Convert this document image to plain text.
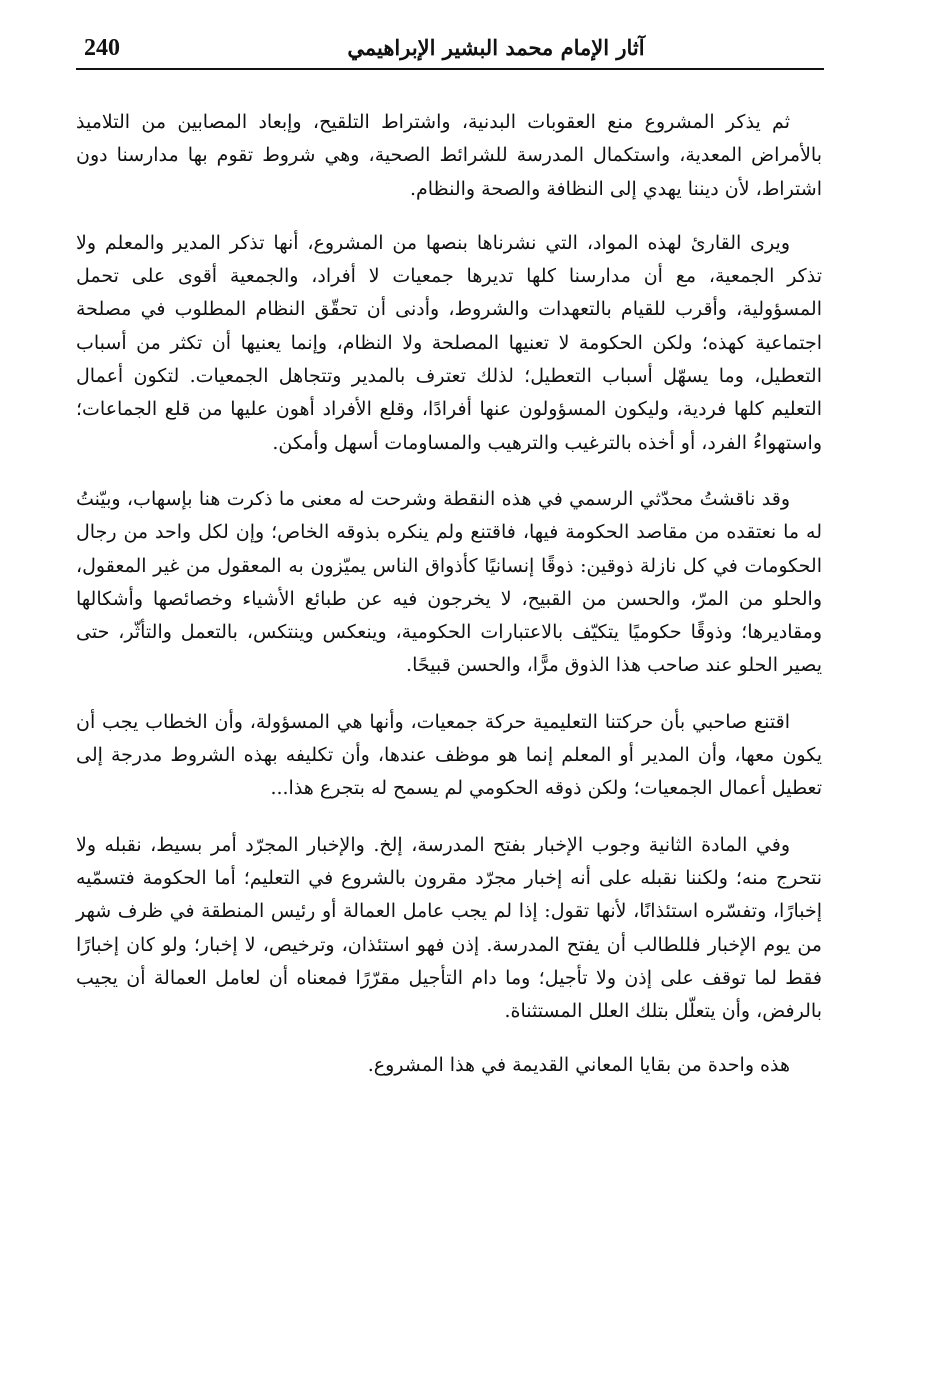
240	آثار الإمام محمد البشير الإبراهيمي

ثم يذكر المشروع منع العقوبات البدنية، واشتراط التلقيح، وإبعاد المصابين من التلاميذ بالأمراض المعدية، واستكمال المدرسة للشرائط الصحية، وهي شروط تقوم بها مدارسنا دون اشتراط، لأن ديننا يهدي إلى النظافة والصحة والنظام.

ويرى القارئ لهذه المواد، التي نشرناها بنصها من المشروع، أنها تذكر المدير والمعلم ولا تذكر الجمعية، مع أن مدارسنا كلها تديرها جمعيات لا أفراد، والجمعية أقوى على تحمل المسؤولية، وأقرب للقيام بالتعهدات والشروط، وأدنى أن تحقّق النظام المطلوب في مصلحة اجتماعية كهذه؛ ولكن الحكومة لا تعنيها المصلحة ولا النظام، وإنما يعنيها أن تكثر من أسباب التعطيل، وما يسهّل أسباب التعطيل؛ لذلك تعترف بالمدير وتتجاهل الجمعيات. لتكون أعمال التعليم كلها فردية، وليكون المسؤولون عنها أفرادًا، وقلع الأفراد أهون عليها من قلع الجماعات؛ واستهواءُ الفرد، أو أخذه بالترغيب والترهيب والمساومات أسهل وأمكن.

وقد ناقشتُ محدّثي الرسمي في هذه النقطة وشرحت له معنى ما ذكرت هنا بإسهاب، وبيّنتُ له ما نعتقده من مقاصد الحكومة فيها، فاقتنع ولم ينكره بذوقه الخاص؛ وإن لكل واحد من رجال الحكومات في كل نازلة ذوقين: ذوقًا إنسانيًا كأذواق الناس يميّزون به المعقول من غير المعقول، والحلو من المرّ، والحسن من القبيح، لا يخرجون فيه عن طبائع الأشياء وخصائصها وأشكالها ومقاديرها؛ وذوقًا حكوميًا يتكيّف بالاعتبارات الحكومية، وينعكس وينتكس، بالتعمل والتأثّر، حتى يصير الحلو عند صاحب هذا الذوق مرًّا، والحسن قبيحًا.

اقتنع صاحبي بأن حركتنا التعليمية حركة جمعيات، وأنها هي المسؤولة، وأن الخطاب يجب أن يكون معها، وأن المدير أو المعلم إنما هو موظف عندها، وأن تكليفه بهذه الشروط مدرجة إلى تعطيل أعمال الجمعيات؛ ولكن ذوقه الحكومي لم يسمح له بتجرع هذا...

وفي المادة الثانية وجوب الإخبار بفتح المدرسة، إلخ. والإخبار المجرّد أمر بسيط، نقبله ولا نتحرج منه؛ ولكننا نقبله على أنه إخبار مجرّد مقرون بالشروع في التعليم؛ أما الحكومة فتسمّيه إخبارًا، وتفسّره استئذانًا، لأنها تقول: إذا لم يجب عامل العمالة أو رئيس المنطقة في ظرف شهر من يوم الإخبار فللطالب أن يفتح المدرسة. إذن فهو استئذان، وترخيص، لا إخبار؛ ولو كان إخبارًا فقط لما توقف على إذن ولا تأجيل؛ وما دام التأجيل مقرّرًا فمعناه أن لعامل العمالة أن يجيب بالرفض، وأن يتعلّل بتلك العلل المستثناة.

هذه واحدة من بقايا المعاني القديمة في هذا المشروع.
